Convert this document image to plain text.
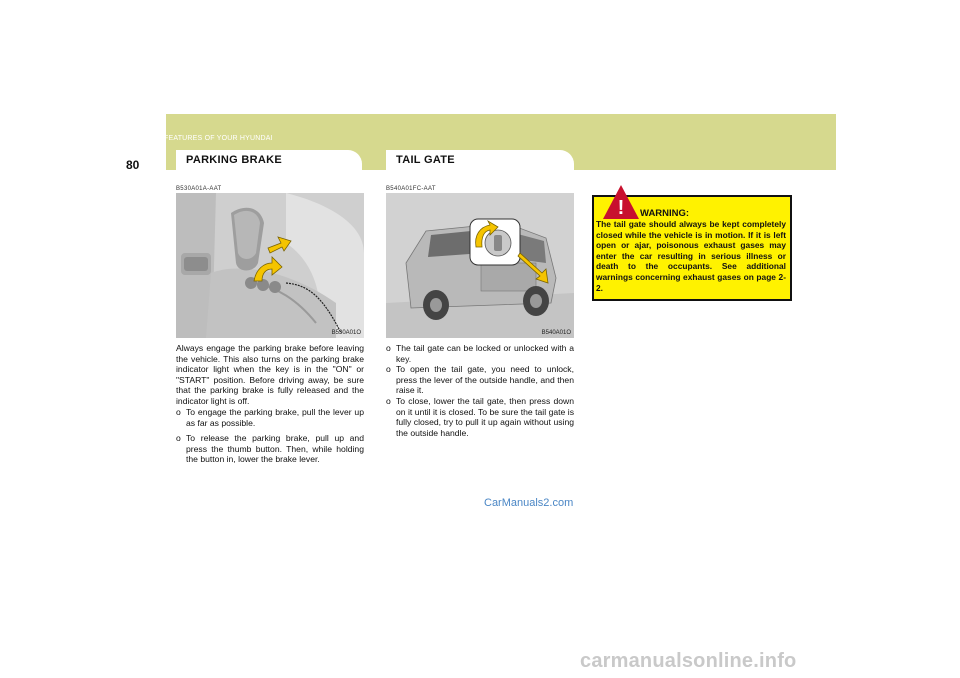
1 FEATURES OF YOUR HYUNDAI
80	PARKING BRAKE
B530A01A-AAT
B530A01O
Always engage the parking brake before leaving the vehicle. This also turns on the parking brake indicator light when the key is in the "ON" or "START" position. Before driving away, be sure that the parking brake is fully released and the indicator light is off.
o To engage the parking brake, pull the lever up as far as possible.
o To release the parking brake, pull up and press the thumb button. Then, while holding the button in, lower the brake lever.
TAIL GATE
B540A01FC-AAT
B540A01O
o The tail gate can be locked or unlocked with a key.
o To open the tail gate, you need to unlock, press the lever of the outside handle, and then raise it.
o To close, lower the tail gate, then press down on it until it is closed. To be sure the tail gate is fully closed, try to pull it up again without using the outside handle.
! WARNING:
The tail gate should always be kept completely closed while the vehicle is in motion. If it is left open or ajar, poisonous exhaust gases may enter the car resulting in serious illness or death to the occupants. See additional warnings concerning exhaust gases on page 2-2.
CarManuals2.com
carmanualsonline.info
